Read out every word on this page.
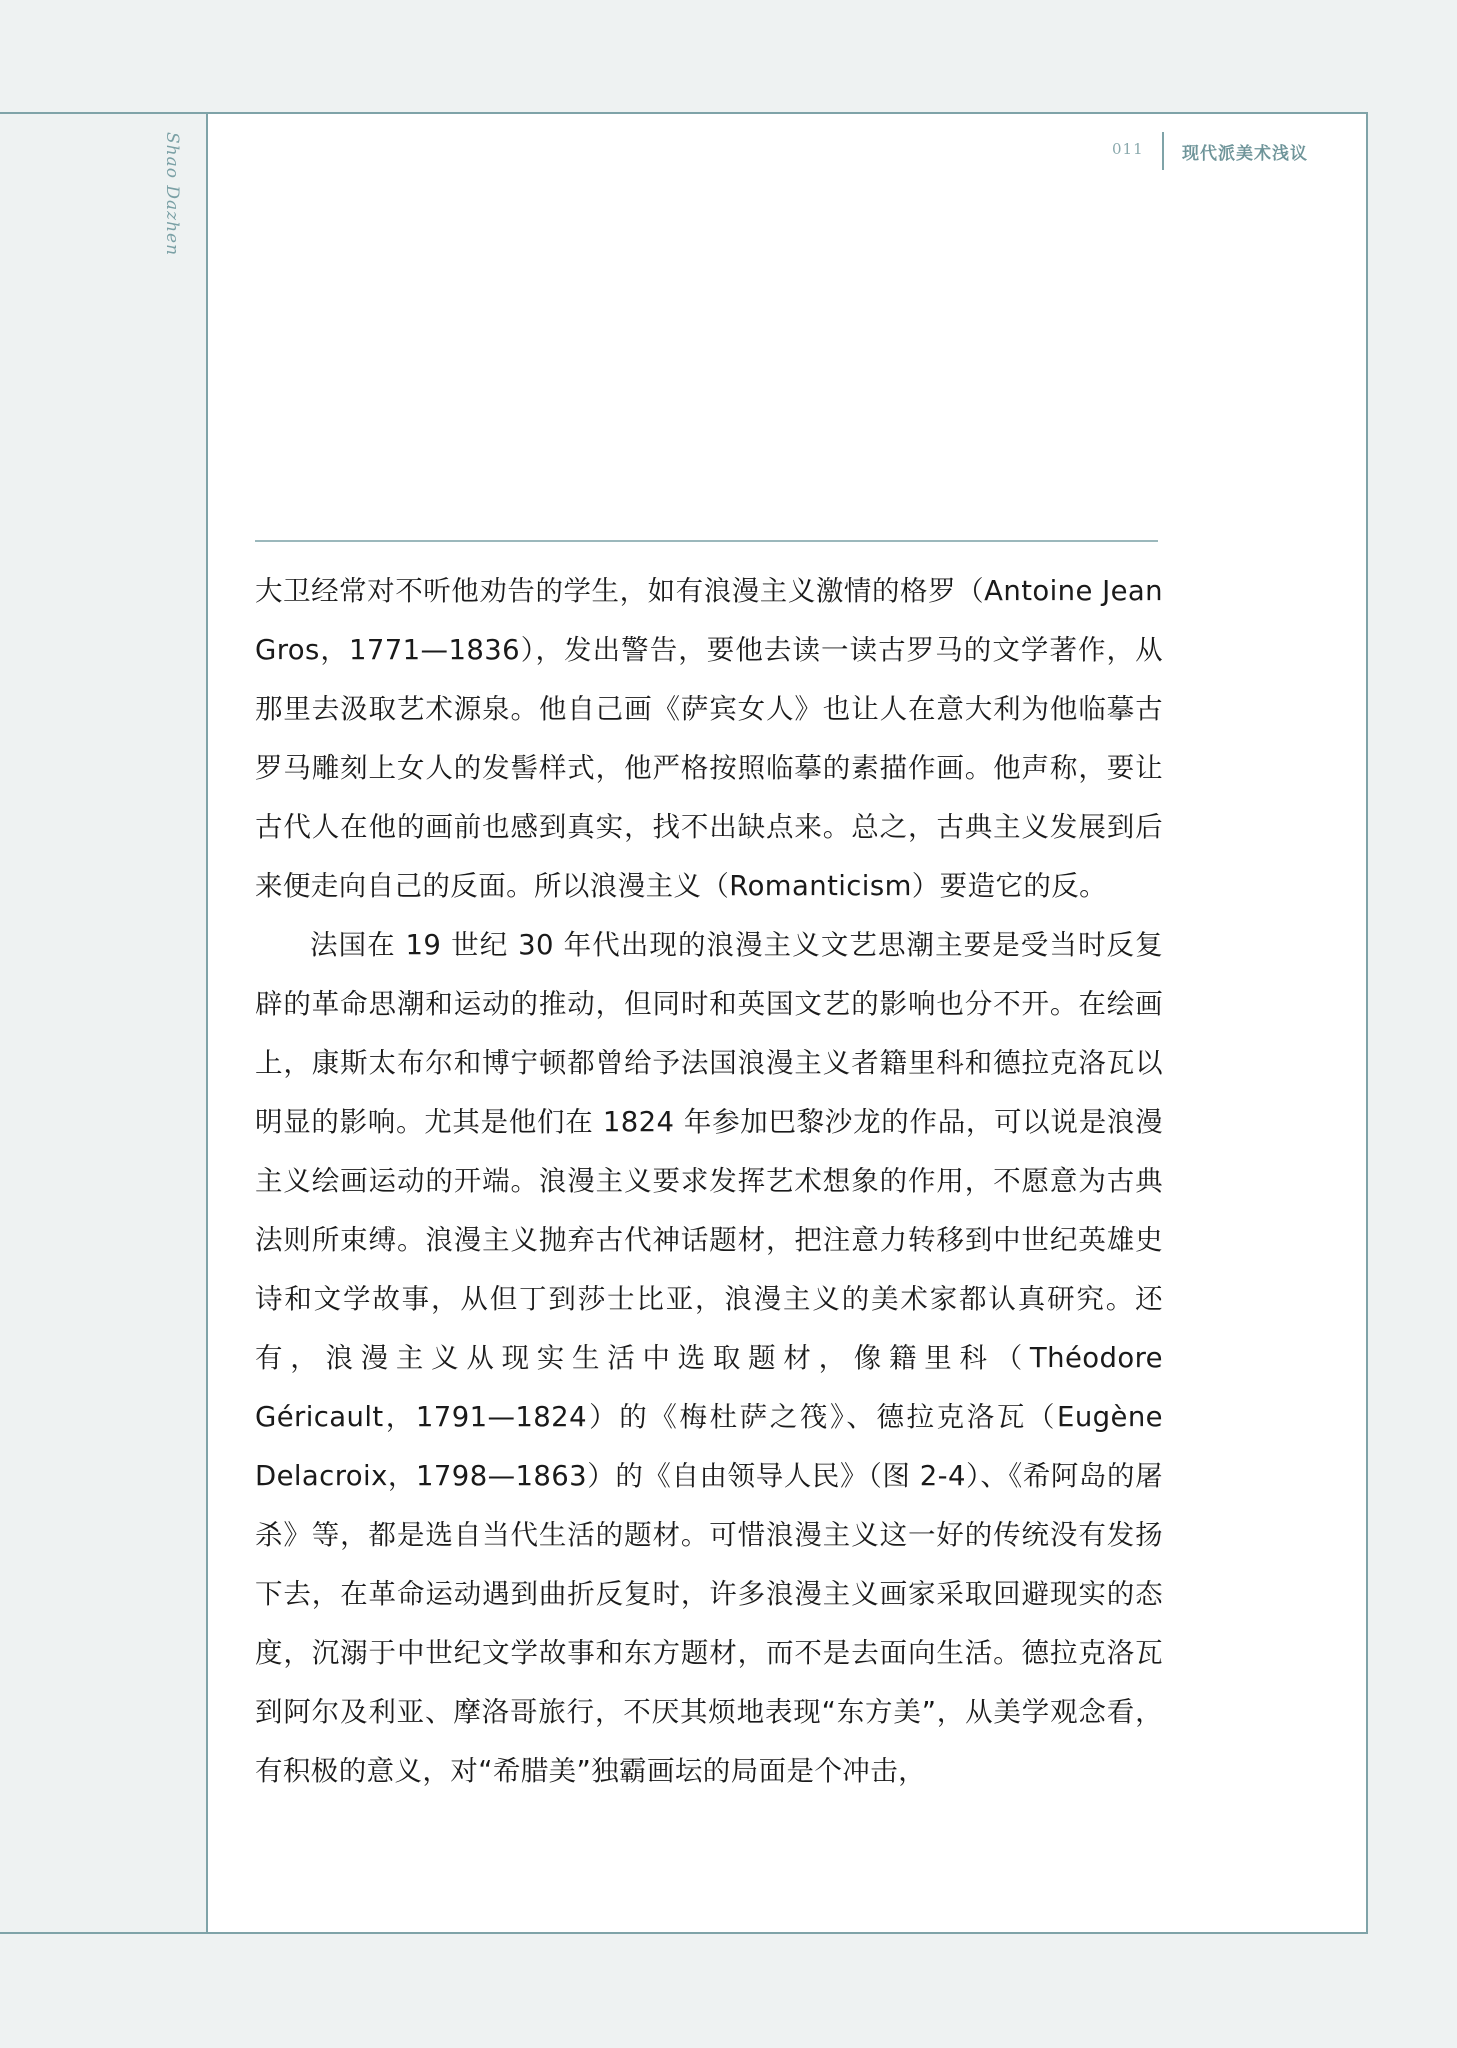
Shao Dazhen	011 现代派美术浅议

大卫经常对不听他劝告的学生，如有浪漫主义激情的格罗（Antoine Jean Gros，1771—1836），发出警告，要他去读一读古罗马的文学著作，从那里去汲取艺术源泉。他自己画《萨宾女人》也让人在意大利为他临摹古罗马雕刻上女人的发髻样式，他严格按照临摹的素描作画。他声称，要让古代人在他的画前也感到真实，找不出缺点来。总之，古典主义发展到后来便走向自己的反面。所以浪漫主义（Romanticism）要造它的反。

法国在 19 世纪 30 年代出现的浪漫主义文艺思潮主要是受当时反复辟的革命思潮和运动的推动，但同时和英国文艺的影响也分不开。在绘画上，康斯太布尔和博宁顿都曾给予法国浪漫主义者籍里科和德拉克洛瓦以明显的影响。尤其是他们在 1824 年参加巴黎沙龙的作品，可以说是浪漫主义绘画运动的开端。浪漫主义要求发挥艺术想象的作用，不愿意为古典法则所束缚。浪漫主义抛弃古代神话题材，把注意力转移到中世纪英雄史诗和文学故事，从但丁到莎士比亚，浪漫主义的美术家都认真研究。还有，浪漫主义从现实生活中选取题材，像籍里科（Théodore Géricault，1791—1824）的《梅杜萨之筏》、德拉克洛瓦（Eugène Delacroix，1798—1863）的《自由领导人民》（图 2-4）、《希阿岛的屠杀》等，都是选自当代生活的题材。可惜浪漫主义这一好的传统没有发扬下去，在革命运动遇到曲折反复时，许多浪漫主义画家采取回避现实的态度，沉溺于中世纪文学故事和东方题材，而不是去面向生活。德拉克洛瓦到阿尔及利亚、摩洛哥旅行，不厌其烦地表现“东方美”，从美学观念看，有积极的意义，对“希腊美”独霸画坛的局面是个冲击，
